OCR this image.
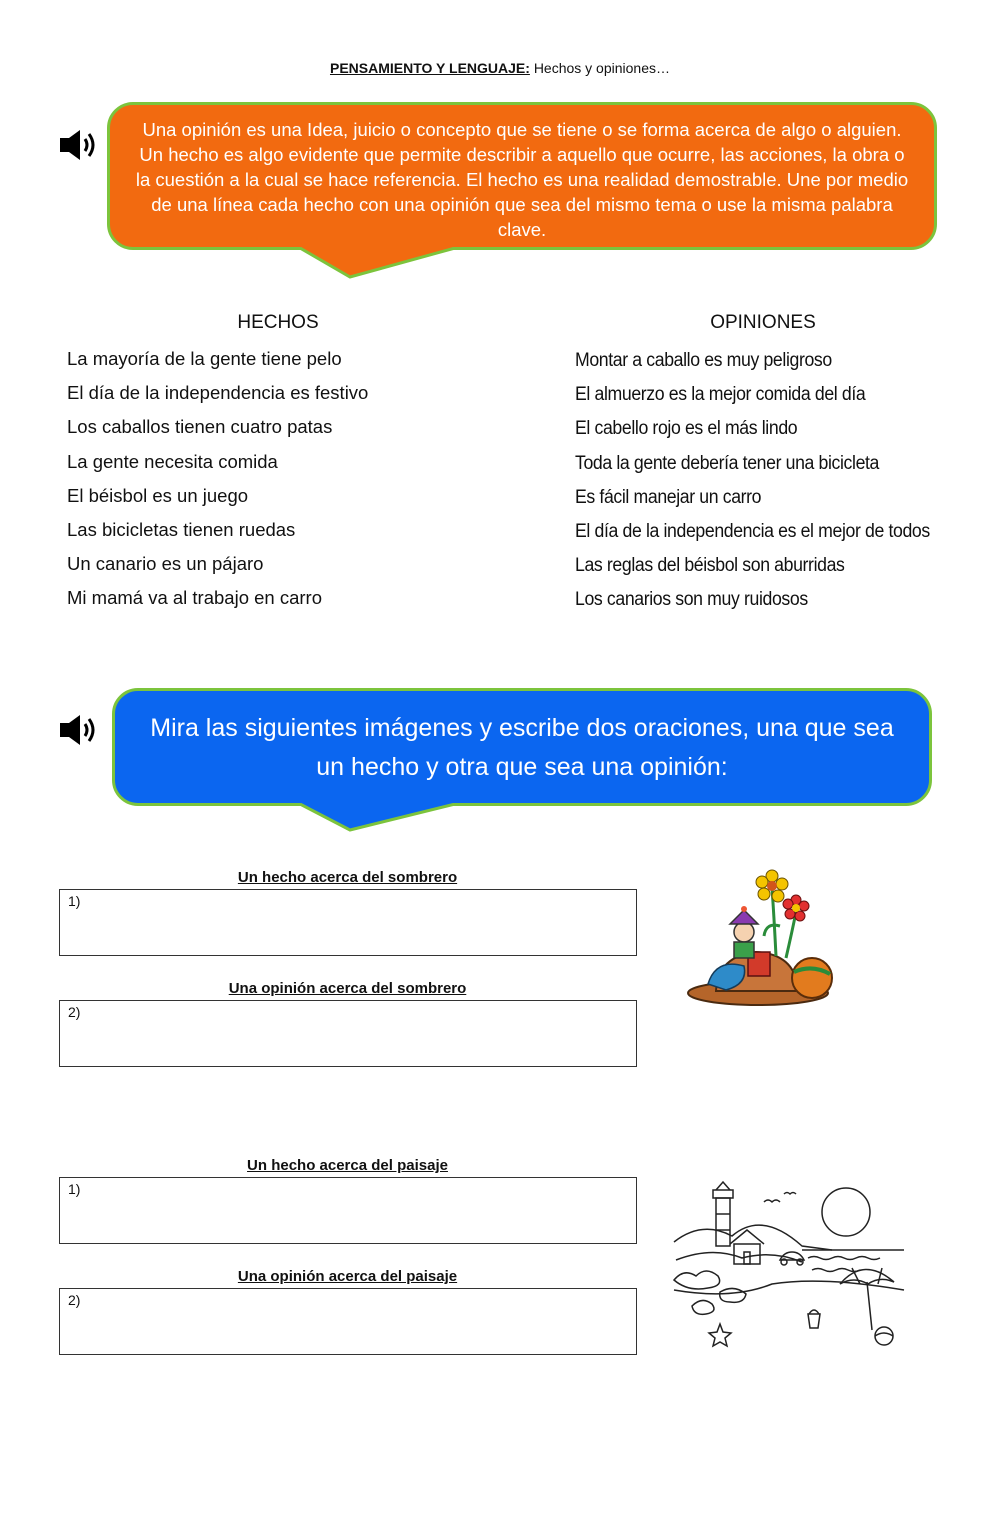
PENSAMIENTO Y LENGUAJE: Hechos y opiniones…
Una opinión es una Idea, juicio o concepto que se tiene o se forma acerca de algo o alguien. Un hecho es algo evidente que permite describir a aquello que ocurre, las acciones, la obra o la cuestión a la cual se hace referencia. El hecho es una realidad demostrable. Une por medio de una línea cada hecho con una opinión que sea del mismo tema o use la misma palabra clave.
HECHOS	OPINIONES
La mayoría de la gente tiene pelo
El día de la independencia es festivo
Los caballos tienen cuatro patas
La gente necesita comida
El béisbol es un juego
Las bicicletas tienen ruedas
Un canario es un pájaro
Mi mamá va al trabajo en carro
Montar a caballo es muy peligroso
El almuerzo es la mejor comida del día
El cabello rojo es el más lindo
Toda la gente debería tener una bicicleta
Es fácil manejar un carro
El día de la independencia es el mejor de todos
Las reglas del béisbol son aburridas
Los canarios son muy ruidosos
Mira las siguientes imágenes y escribe dos oraciones, una que sea un hecho y otra que sea una opinión:
Un hecho acerca del sombrero
1)
Una opinión acerca del sombrero
2)
Un hecho acerca del paisaje
1)
Una opinión acerca del paisaje
2)
